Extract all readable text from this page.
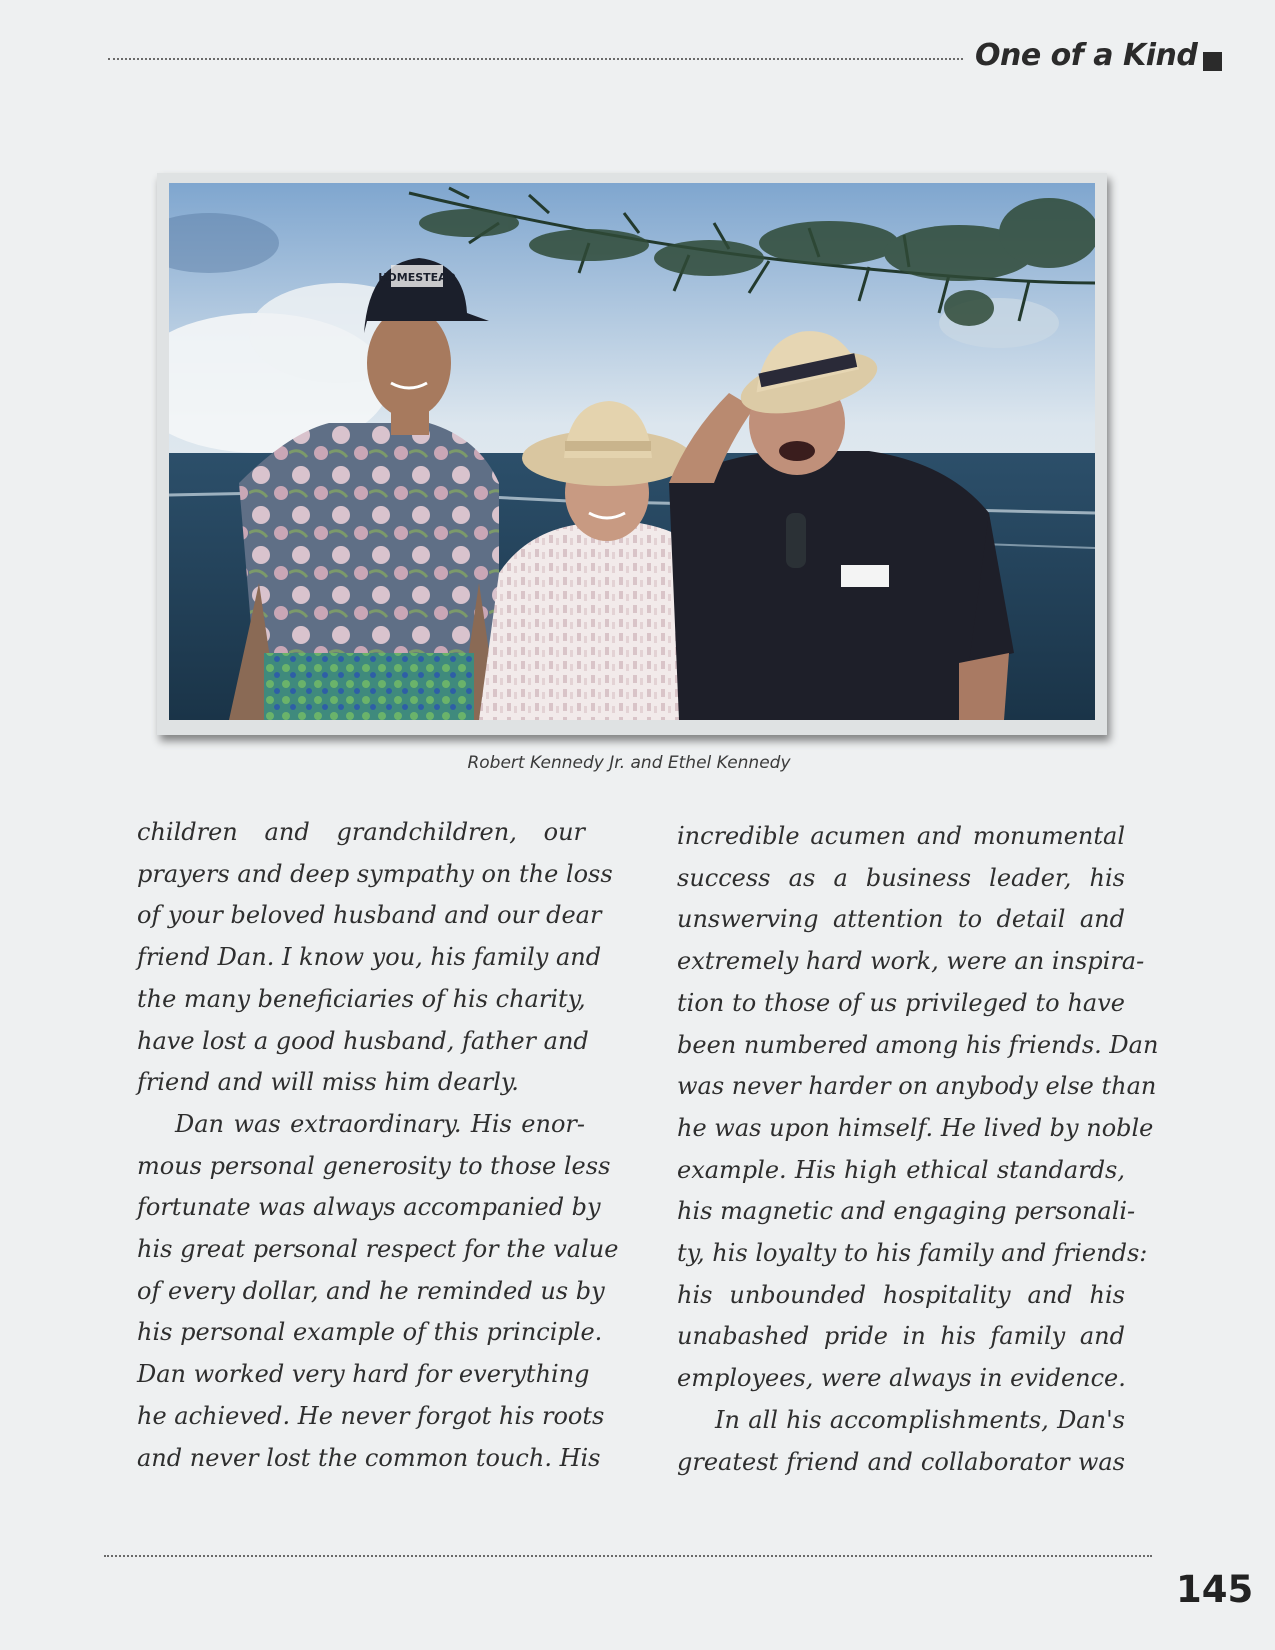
One of a Kind
HOMESTEAD
Robert Kennedy Jr. and Ethel Kennedy
children and grandchildren, our
prayers and deep sympathy on the loss
of your beloved husband and our dear
friend Dan. I know you, his family and
the many beneficiaries of his charity,
have lost a good husband, father and
friend and will miss him dearly.
Dan was extraordinary. His enor-
mous personal generosity to those less
fortunate was always accompanied by
his great personal respect for the value
of every dollar, and he reminded us by
his personal example of this principle.
Dan worked very hard for everything
he achieved. He never forgot his roots
and never lost the common touch. His
incredible acumen and monumental
success as a business leader, his
unswerving attention to detail and
extremely hard work, were an inspira-
tion to those of us privileged to have
been numbered among his friends. Dan
was never harder on anybody else than
he was upon himself. He lived by noble
example. His high ethical standards,
his magnetic and engaging personali-
ty, his loyalty to his family and friends:
his unbounded hospitality and his
unabashed pride in his family and
employees, were always in evidence.
In all his accomplishments, Dan's
greatest friend and collaborator was
145
